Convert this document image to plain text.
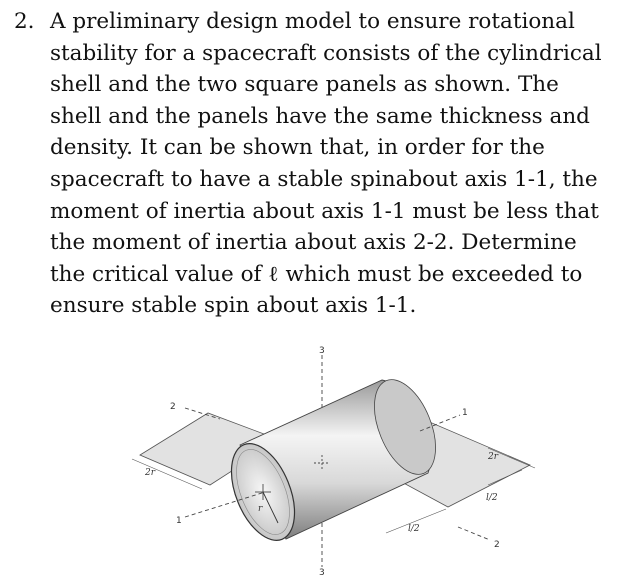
2. A preliminary design model to ensure rotational
stability for a spacecraft consists of the cylindrical
shell and the two square panels as shown. The
shell and the panels have the same thickness and
density. It can be shown that, in order for the
spacecraft to have a stable spinabout axis 1-1, the
moment of inertia about axis 1-1 must be less that
the moment of inertia about axis 2-2. Determine
the critical value of ℓ which must be exceeded to
ensure stable spin about axis 1-1.
3
3
2
2
1
1
2r
2r
l/2
l/2
r
